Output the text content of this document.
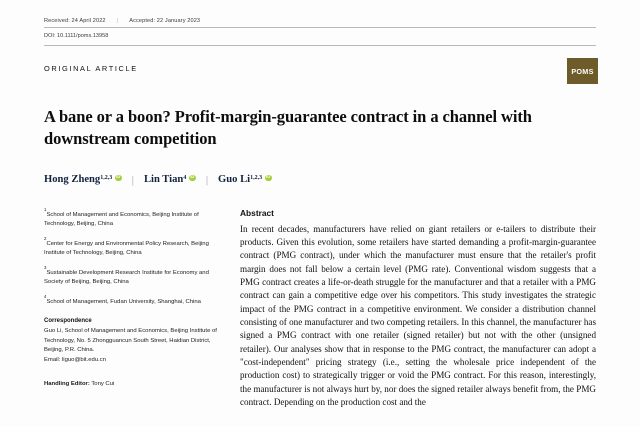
Received: 24 April 2022 | Accepted: 22 January 2023
DOI: 10.1111/poms.13958
ORIGINAL ARTICLE	POMS
A bane or a boon? Profit-margin-guarantee contract in a channel with downstream competition
Hong Zheng 1,2,3 iD | Lin Tian 4 iD | Guo Li 1,2,3
iD
$^1$School of Management and Economics, Beijing Institute of Technology, Beijing, China
$^2$Center for Energy and Environmental Policy Research, Beijing Institute of Technology, Beijing, China
$^3$Sustainable Development Research Institute for Economy and Society of Beijing, Beijing, China
$^4$School of Management, Fudan University, Shanghai, China
Correspondence
Guo Li, School of Management and Economics, Beijing Institute of Technology, No. 5 Zhongguancun South Street, Haidian District, Beijing, P.R. China.
Email: liguo@bit.edu.cn
Handling Editor: Tony Cui
Abstract
In recent decades, manufacturers have relied on giant retailers or e-tailers to distribute their products. Given this evolution, some retailers have started demanding a profit-margin-guarantee contract (PMG contract), under which the manufacturer must ensure that the retailer's profit margin does not fall below a certain level (PMG rate). Conventional wisdom suggests that a PMG contract creates a life-or-death struggle for the manufacturer and that a retailer with a PMG contract can gain a competitive edge over his competitors. This study investigates the strategic impact of the PMG contract in a competitive environment. We consider a distribution channel consisting of one manufacturer and two competing retailers. In this channel, the manufacturer has signed a PMG contract with one retailer (signed retailer) but not with the other (unsigned retailer). Our analyses show that in response to the PMG contract, the manufacturer can adopt a "cost-independent" pricing strategy (i.e., setting the wholesale price independent of the production cost) to strategically trigger or void the PMG contract. For this reason, interestingly, the manufacturer is not always hurt by, nor does the signed retailer always benefit from, the PMG contract. Depending on the production cost and the
